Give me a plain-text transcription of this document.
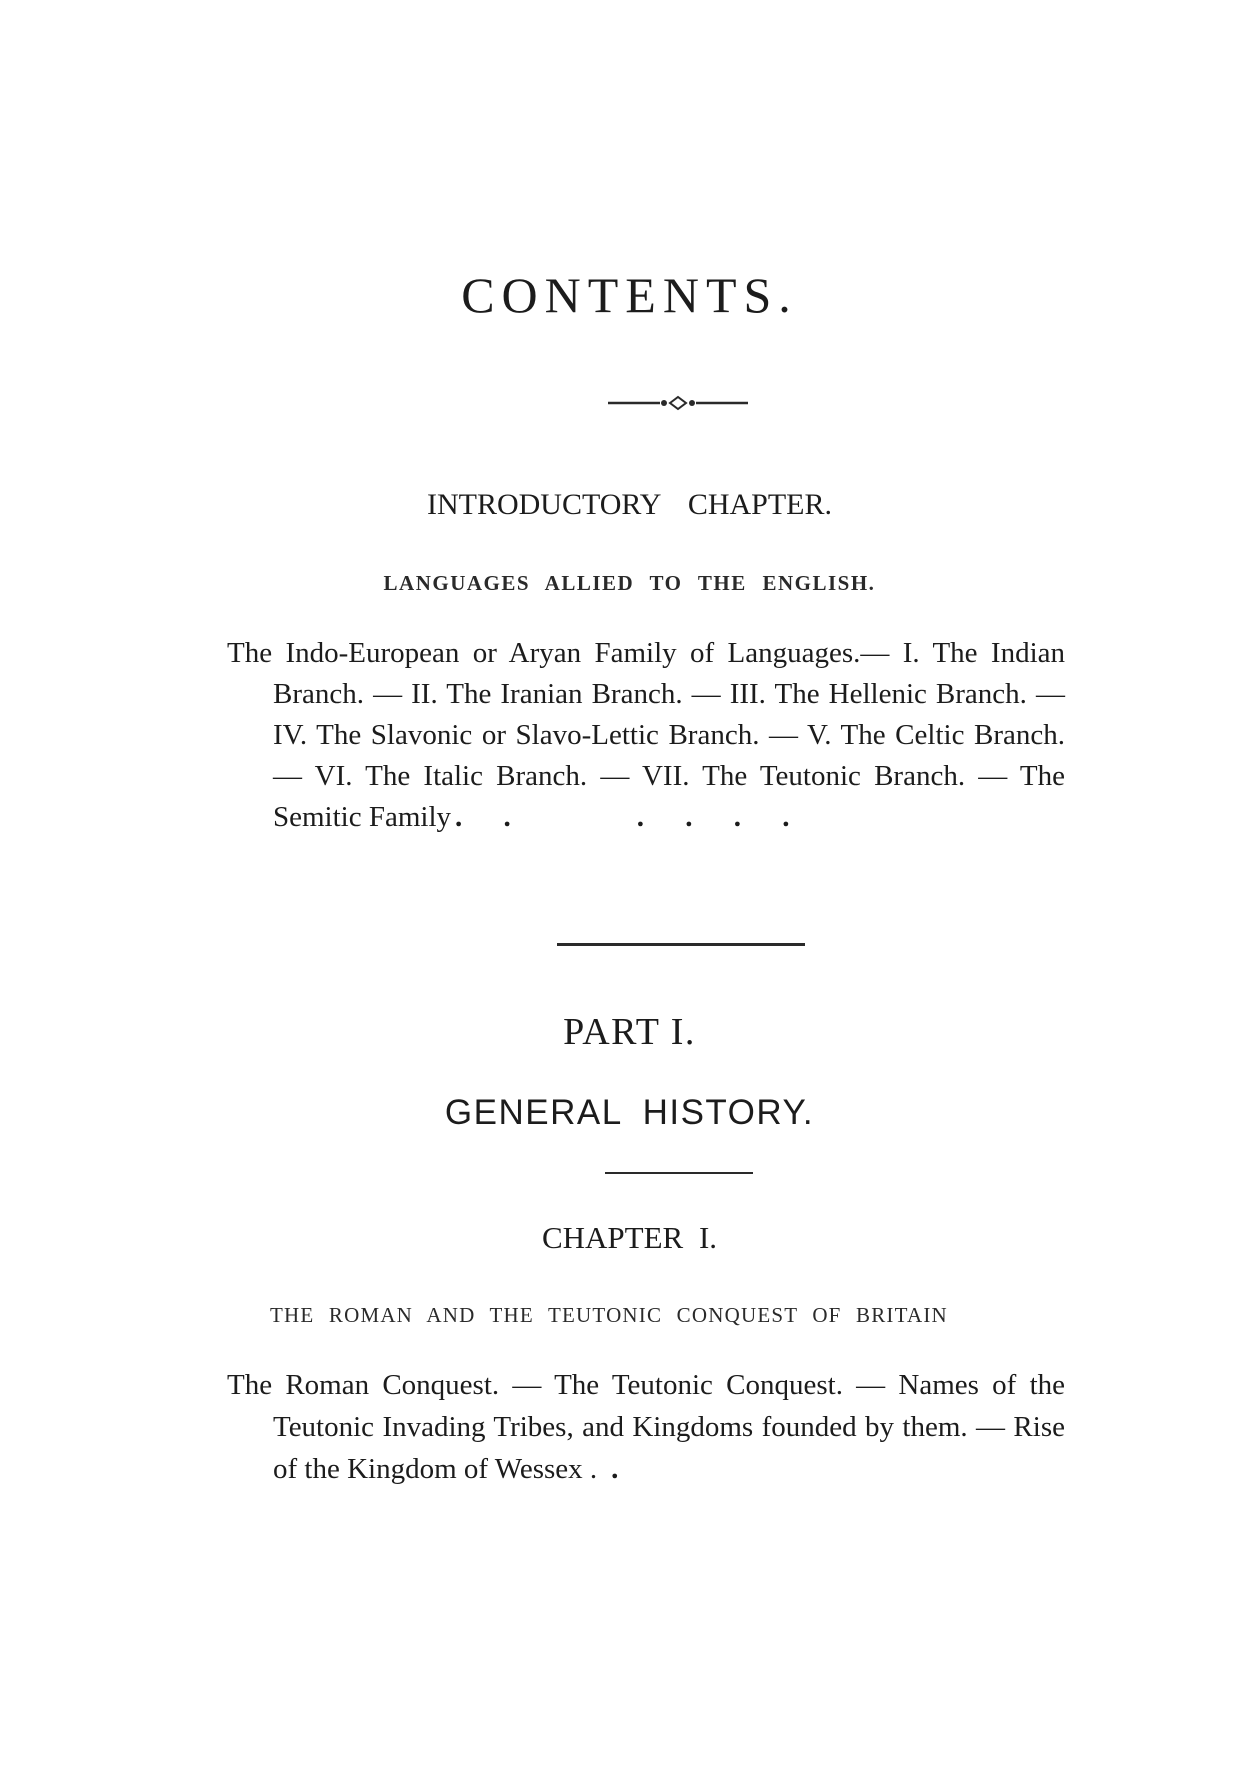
CONTENTS.
INTRODUCTORY CHAPTER.
LANGUAGES ALLIED TO THE ENGLISH.
The Indo-European or Aryan Family of Languages.— I. The Indian Branch. — II. The Iranian Branch. — III. The Hellenic Branch. — IV. The Slavonic or Slavo-Lettic Branch. — V. The Celtic Branch. — VI. The Italic Branch. — VII. The Teutonic Branch. — The Semitic Family . .	. . . .
PART I.
GENERAL HISTORY.
CHAPTER I.
THE ROMAN AND THE TEUTONIC CONQUEST OF BRITAIN
The Roman Conquest. — The Teutonic Conquest. — Names of the Teutonic Invading Tribes, and Kingdoms founded by them. — Rise of the Kingdom of Wessex . .
